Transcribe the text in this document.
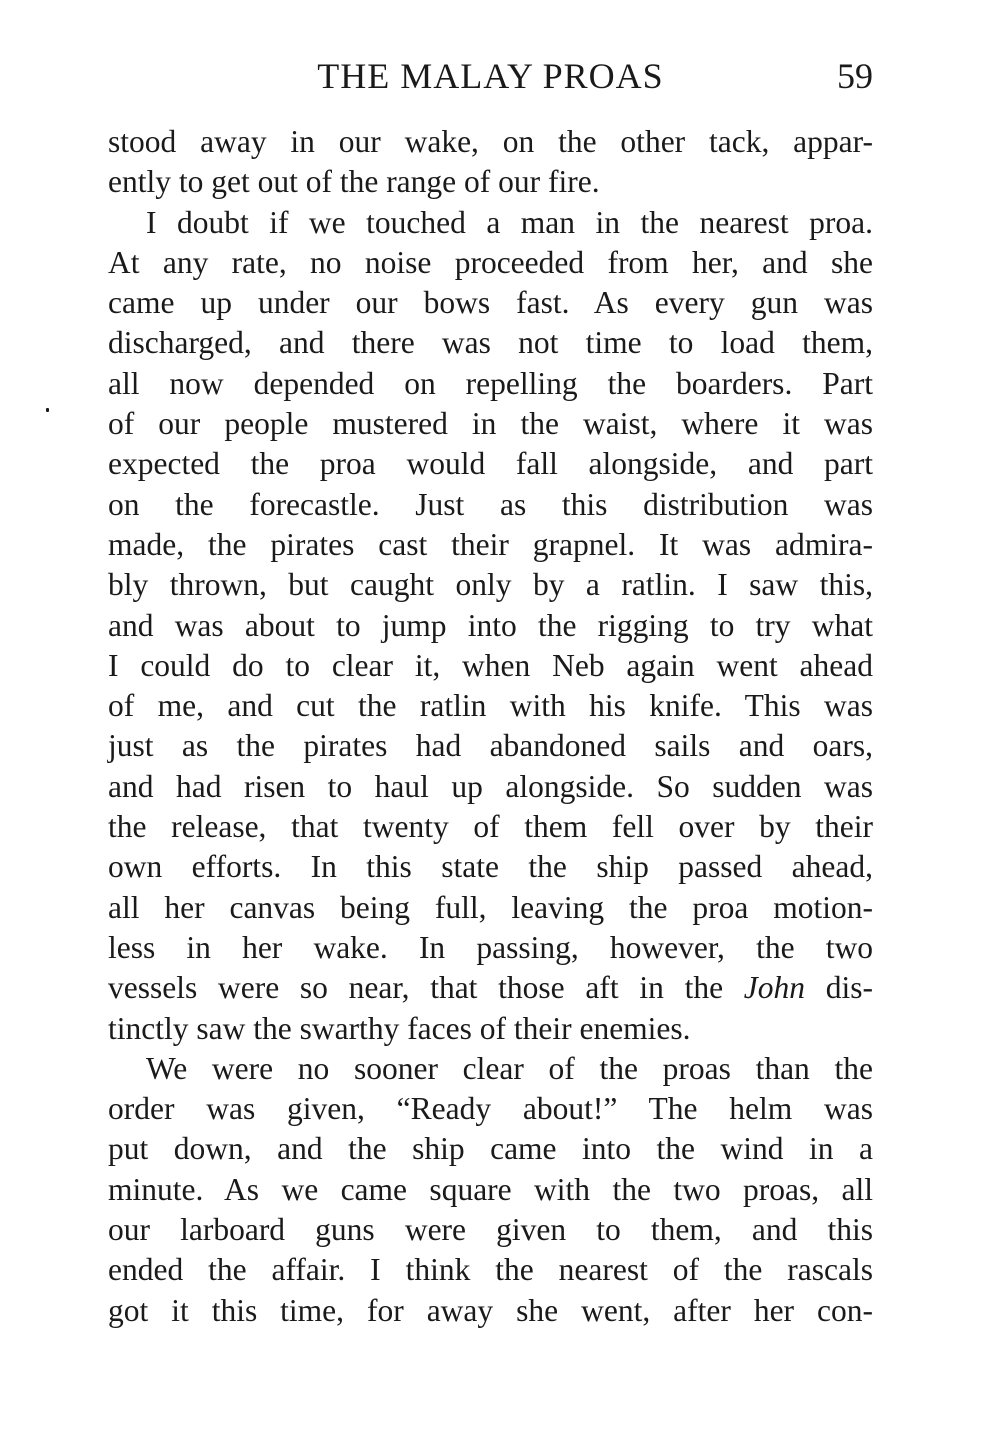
THE MALAY PROAS	59
stood away in our wake, on the other tack, appar-
ently to get out of the range of our fire.
I doubt if we touched a man in the nearest proa.
At any rate, no noise proceeded from her, and she
came up under our bows fast. As every gun was
discharged, and there was not time to load them,
all now depended on repelling the boarders. Part
of our people mustered in the waist, where it was
expected the proa would fall alongside, and part
on the forecastle. Just as this distribution was
made, the pirates cast their grapnel. It was admira-
bly thrown, but caught only by a ratlin. I saw this,
and was about to jump into the rigging to try what
I could do to clear it, when Neb again went ahead
of me, and cut the ratlin with his knife. This was
just as the pirates had abandoned sails and oars,
and had risen to haul up alongside. So sudden was
the release, that twenty of them fell over by their
own efforts. In this state the ship passed ahead,
all her canvas being full, leaving the proa motion-
less in her wake. In passing, however, the two
vessels were so near, that those aft in the John dis-
tinctly saw the swarthy faces of their enemies.
We were no sooner clear of the proas than the
order was given, “Ready about!” The helm was
put down, and the ship came into the wind in a
minute. As we came square with the two proas, all
our larboard guns were given to them, and this
ended the affair. I think the nearest of the rascals
got it this time, for away she went, after her con-
